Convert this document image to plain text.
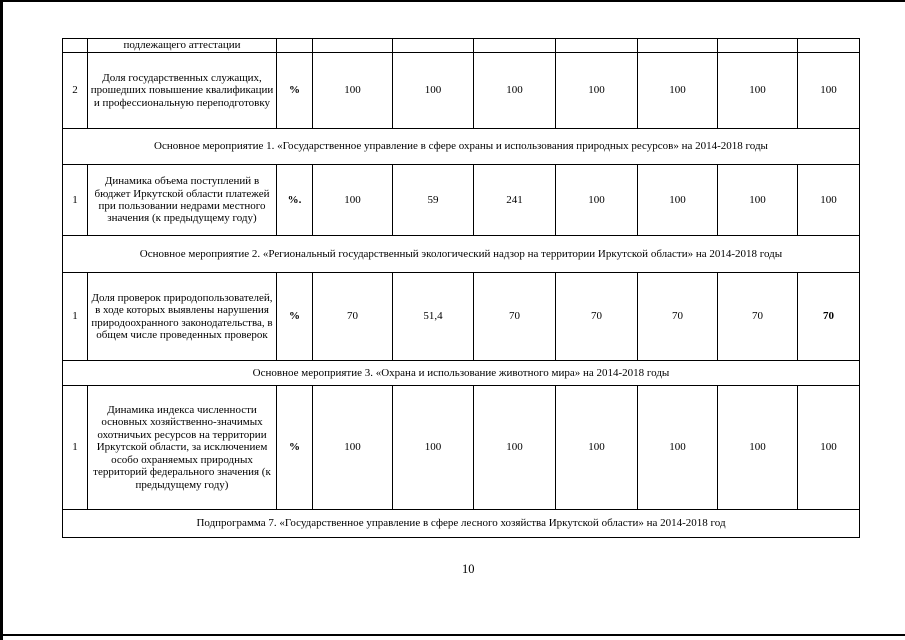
	подлежащего аттестации								
2	Доля государственных служащих, прошедших повышение квалификации и профессиональную переподготовку	%	100	100	100	100	100	100	100
Основное мероприятие 1. «Государственное управление в сфере охраны и использования природных ресурсов» на 2014-2018 годы									
1	Динамика объема поступлений в бюджет Иркутской области платежей при пользовании недрами местного значения (к предыдущему году)	%.	100	59	241	100	100	100	100
Основное мероприятие 2. «Региональный государственный экологический надзор на территории Иркутской области» на 2014-2018 годы									
1	Доля проверок природопользователей, в ходе которых выявлены нарушения природоохранного законодательства, в общем числе проведенных проверок	%	70	51,4	70	70	70	70	70
Основное мероприятие 3. «Охрана и использование животного мира» на 2014-2018 годы									
1	Динамика индекса численности основных хозяйственно-значимых охотничьих ресурсов на территории Иркутской области, за исключением особо охраняемых природных территорий федерального значения (к предыдущему году)	%	100	100	100	100	100	100	100
Подпрограмма 7. «Государственное управление в сфере лесного хозяйства Иркутской области» на 2014-2018 год									
10
